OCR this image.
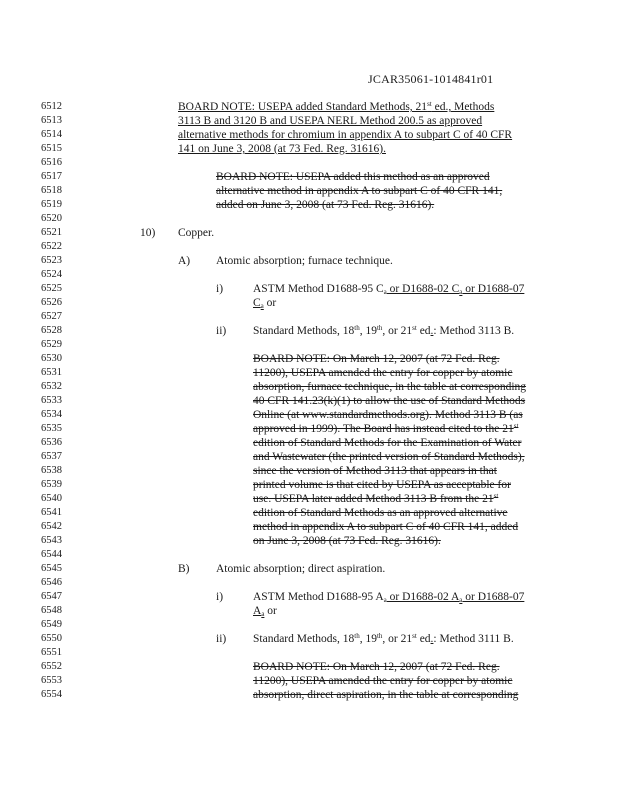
JCAR35061-1014841r01
6512
6513
6514
6515
6516
6517
6518
6519
6520
6521
6522
6523
6524
6525
6526
6527
6528
6529
6530
6531
6532
6533
6534
6535
6536
6537
6538
6539
6540
6541
6542
6543
6544
6545
6546
6547
6548
6549
6550
6551
6552
6553
6554
BOARD NOTE: USEPA added Standard Methods, 21st ed., Methods
3113 B and 3120 B and USEPA NERL Method 200.5 as approved
alternative methods for chromium in appendix A to subpart C of 40 CFR
141 on June 3, 2008 (at 73 Fed. Reg. 31616).
BOARD NOTE: USEPA added this method as an approved
alternative method in appendix A to subpart C of 40 CFR 141,
added on June 3, 2008 (at 73 Fed. Reg. 31616).
10) Copper.
A) Atomic absorption; furnace technique.
i)	ASTM Method D1688-95 $C_a$ or D1688-02 $C_a$ or D1688-07
$C_a$ or
ii) Standard Methods, 18th, 19th, or 21st ed.: Method 3113 B.
BOARD NOTE: On March 12, 2007 (at 72 Fed. Reg.
11200), USEPA amended the entry for copper by atomic
absorption, furnace technique, in the table at corresponding
40 CFR 141.23(k)(1) to allow the use of Standard Methods
Online (at www.standardmethods.org). Method 3113 B (as
approved in 1999). The Board has instead cited to the 21st
edition of Standard Methods for the Examination of Water
and Wastewater (the printed version of Standard Methods),
since the version of Method 3113 that appears in that
printed volume is that cited by USEPA as acceptable for
use. USEPA later added Method 3113 B from the 21st
edition of Standard Methods as an approved alternative
method in appendix A to subpart C of 40 CFR 141, added
on June 3, 2008 (at 73 Fed. Reg. 31616).
B) Atomic absorption; direct aspiration.
i)	ASTM Method D1688-95 $A_a$ or D1688-02 $A_a$ or D1688-07
$A_a$ or
ii) Standard Methods, 18th, 19th, or 21st ed.: Method 3111 B.
BOARD NOTE: On March 12, 2007 (at 72 Fed. Reg.
11200), USEPA amended the entry for copper by atomic
absorption, direct aspiration, in the table at corresponding
